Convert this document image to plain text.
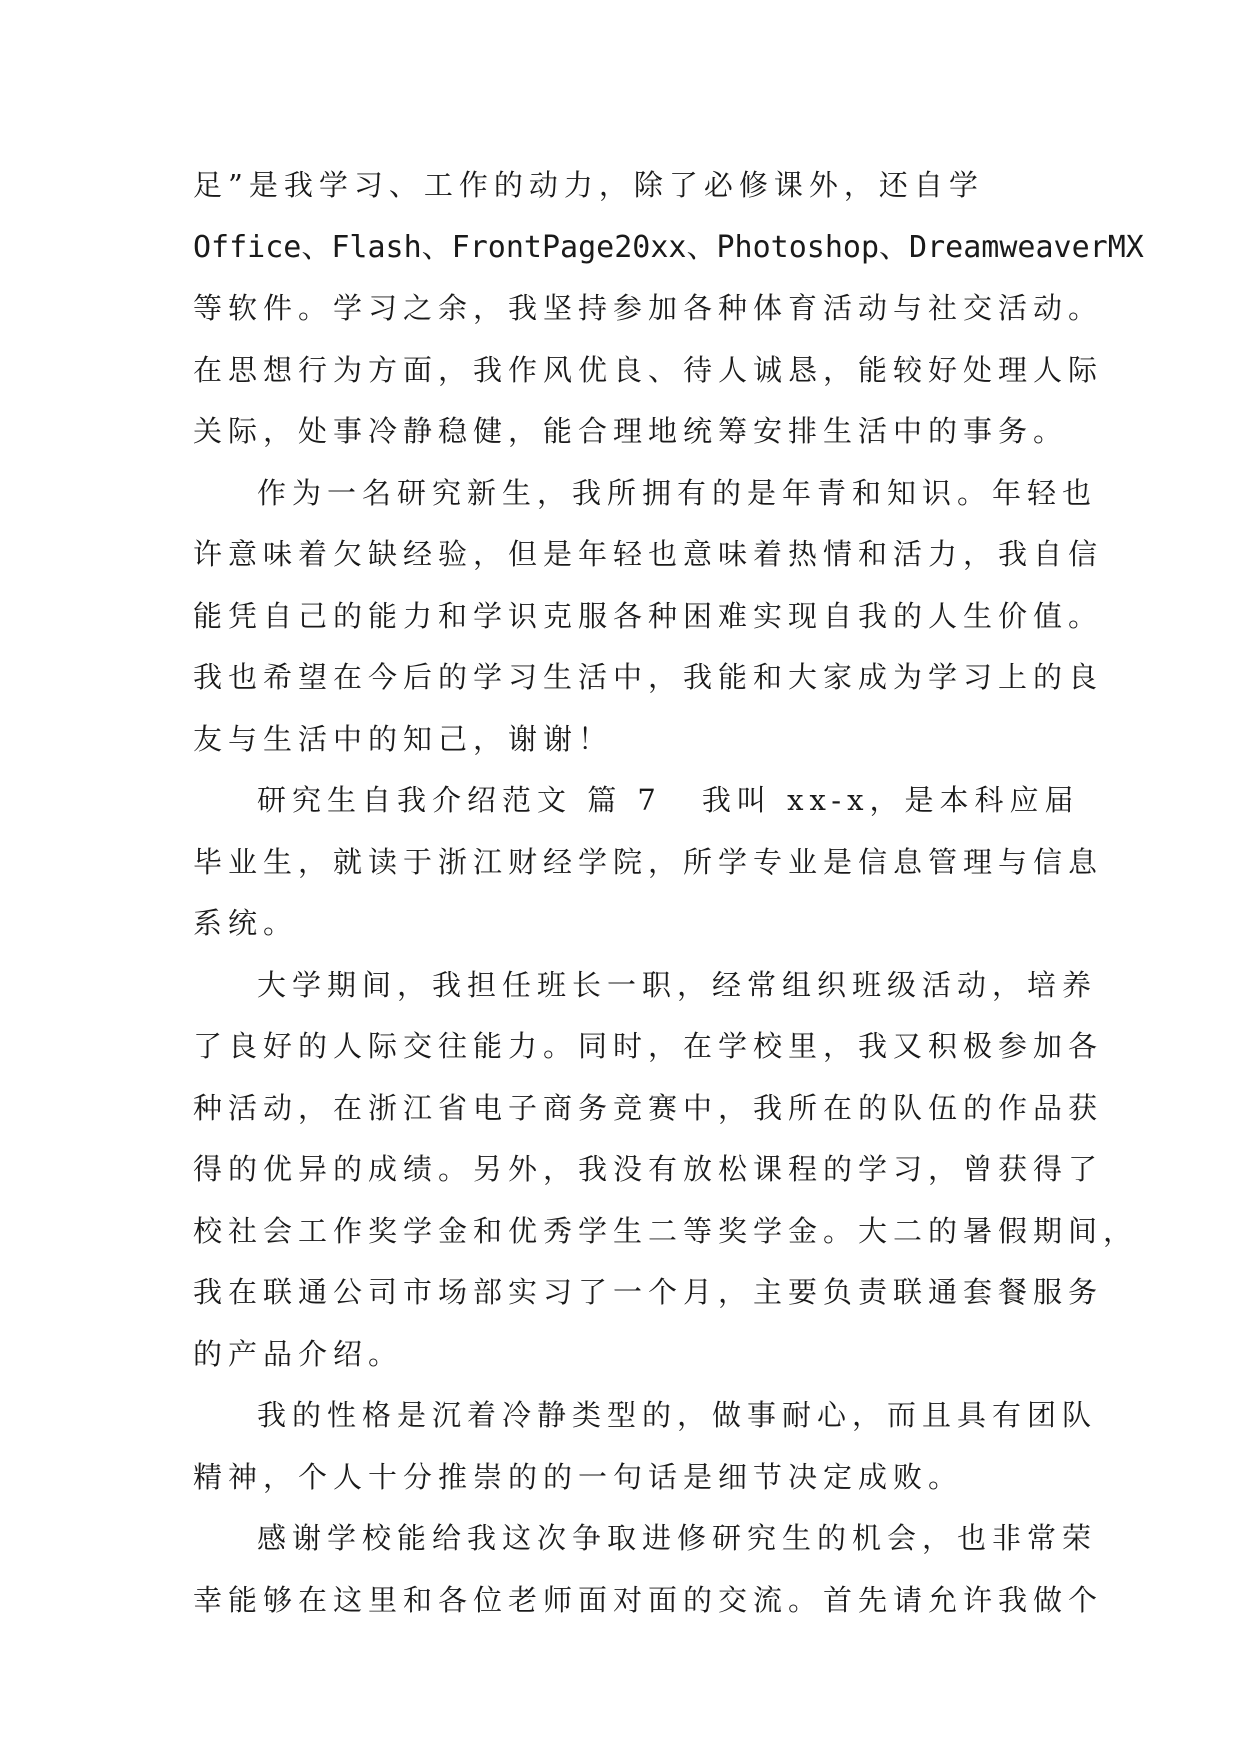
足”是我学习、工作的动力，除了必修课外，还自学
Office、Flash、FrontPage20xx、Photoshop、DreamweaverMX
等软件。学习之余，我坚持参加各种体育活动与社交活动。
在思想行为方面，我作风优良、待人诚恳，能较好处理人际
关际，处事冷静稳健，能合理地统筹安排生活中的事务。
作为一名研究新生，我所拥有的是年青和知识。年轻也
许意味着欠缺经验，但是年轻也意味着热情和活力，我自信
能凭自己的能力和学识克服各种困难实现自我的人生价值。
我也希望在今后的学习生活中，我能和大家成为学习上的良
友与生活中的知己，谢谢！
研究生自我介绍范文 篇 7 我叫 xx-x，是本科应届
毕业生，就读于浙江财经学院，所学专业是信息管理与信息
系统。
大学期间，我担任班长一职，经常组织班级活动，培养
了良好的人际交往能力。同时，在学校里，我又积极参加各
种活动，在浙江省电子商务竞赛中，我所在的队伍的作品获
得的优异的成绩。另外，我没有放松课程的学习，曾获得了
校社会工作奖学金和优秀学生二等奖学金。大二的暑假期间，
我在联通公司市场部实习了一个月，主要负责联通套餐服务
的产品介绍。
我的性格是沉着冷静类型的，做事耐心，而且具有团队
精神，个人十分推崇的的一句话是细节决定成败。
感谢学校能给我这次争取进修研究生的机会，也非常荣
幸能够在这里和各位老师面对面的交流。首先请允许我做个
